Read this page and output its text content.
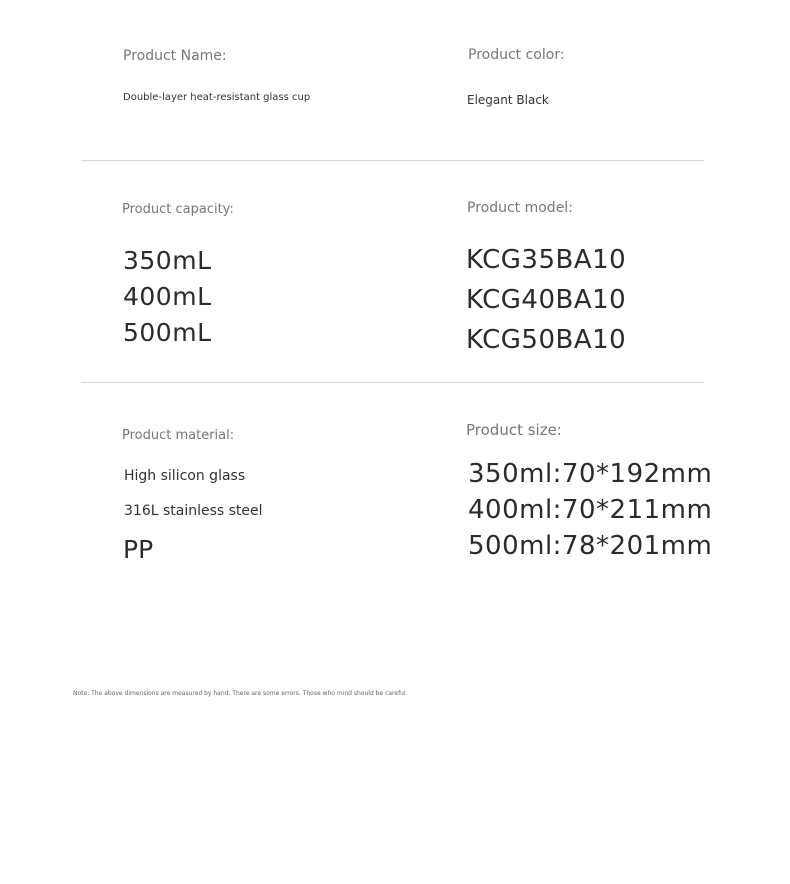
Product Name:
Double-layer heat-resistant glass cup
Product color:
Elegant Black
Product capacity:
350mL
400mL
500mL
Product model:
KCG35BA10
KCG40BA10
KCG50BA10
Product material:
High silicon glass
316L stainless steel
PP
Product size:
350ml:70*192mm
400ml:70*211mm
500ml:78*201mm
Note: The above dimensions are measured by hand. There are some errors. Those who mind should be careful.
